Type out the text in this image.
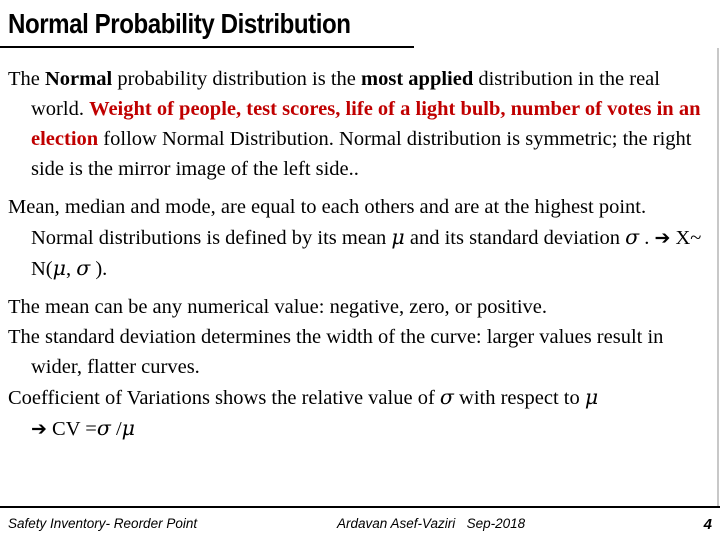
Normal Probability Distribution

The Normal probability distribution is the most applied distribution in the real world. Weight of people, test scores, life of a light bulb, number of votes in an election follow Normal Distribution. Normal distribution is symmetric; the right side is the mirror image of the left side..

Mean, median and mode, are equal to each others and are at the highest point. Normal distributions is defined by its mean μ and its standard deviation σ . ➔ X~ N(μ, σ ).

The mean can be any numerical value: negative, zero, or positive.

The standard deviation determines the width of the curve: larger values result in wider, flatter curves.

Coefficient of Variations shows the relative value of σ with respect to μ
➔ CV =σ /μ

Safety Inventory- Reorder Point	Ardavan Asef-Vaziri Sep-2018	4
